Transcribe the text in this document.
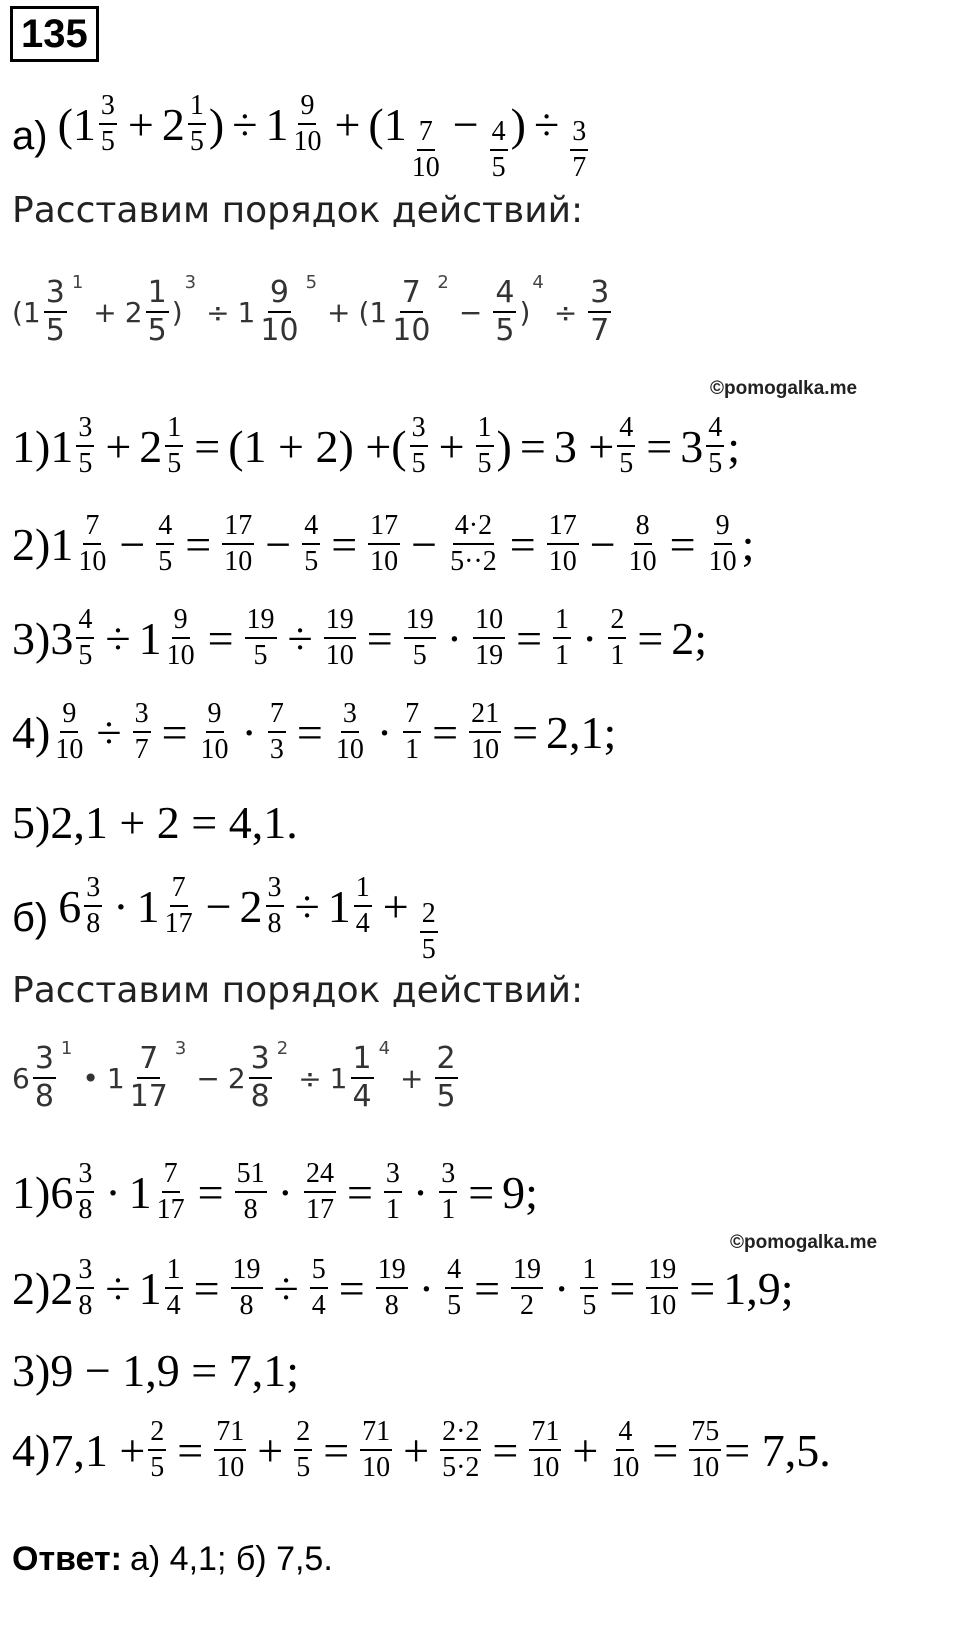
135
а) ( $1 \frac{3}{5} + 2 \frac{1}{5}$ ) ÷ $1 \frac{9}{10} + (1 \frac{7}{10} - \frac{4}{5}$ ) ÷ $\frac{3}{7}$
Расставим порядок действий:
($1 \frac{3}{5} 1$
+ $2 \frac{1}{5}$ )
3
÷ $1 \frac{9}{10} 5$
+ ($1 \frac{7}{10} 2$
− $\frac{4}{5}$ )
4
÷ $\frac{3}{7}$
©pomogalka.me
1) $1 \frac{3}{5} + 2 \frac{1}{5} = (1 + 2)$ + ( $\frac{3}{5} + \frac{1}{5}$ ) = $3 + \frac{4}{5} = 3 \frac{4}{5}$ ;
2) $1 \frac{7}{10} - \frac{4}{5} = \frac{17}{10} - \frac{4}{5} = \frac{17}{10} - \frac{4\cdot 2}{5\cdot\cdot 2} = \frac{17}{10} - \frac{8}{10} = \frac{9}{10}$ ;
3) $3 \frac{4}{5} \div 1 \frac{9}{10} = \frac{19}{5} \div \frac{19}{10} = \frac{19}{5} \cdot \frac{10}{19} = \frac{1}{1} \cdot \frac{2}{1} = 2$;
$4) \frac{9}{10} \div \frac{3}{7} = \frac{9}{10} \cdot \frac{7}{3} = \frac{3}{10} \cdot \frac{7}{1} = \frac{21}{10} = 2,1$;
5) 2,1 + 2 = 4,1.
б) $6 \frac{3}{8} \cdot 1 \frac{7}{17} - 2 \frac{3}{8} \div 1 \frac{1}{4} + \frac{2}{5}$
Расставим порядок действий:
$6 \frac{3}{8} 1$
• $1 \frac{7}{17} 3$
− $2 \frac{3}{8} 2$
÷ $1 \frac{1}{4} 4$
+ $\frac{2}{5}$
1) $6 \frac{3}{8} \cdot 1 \frac{7}{17} = \frac{51}{8} \cdot \frac{24}{17} = \frac{3}{1} \cdot \frac{3}{1} = 9$;
©pomogalka.me
2) $2 \frac{3}{8} \div 1 \frac{1}{4} = \frac{19}{8} \div \frac{5}{4} = \frac{19}{8} \cdot \frac{4}{5} = \frac{19}{2} \cdot \frac{1}{5} = \frac{19}{10} = 1,9$;
3) 9 − 1,9 = 7,1;
4) $7,1 + \frac{2}{5} = \frac{71}{10} + \frac{2}{5} = \frac{71}{10} + \frac{2\cdot 2}{5\cdot 2} = \frac{71}{10} + \frac{4}{10} = \frac{75}{10} = 7,5$.
Ответ: а) 4,1; б) 7,5.
